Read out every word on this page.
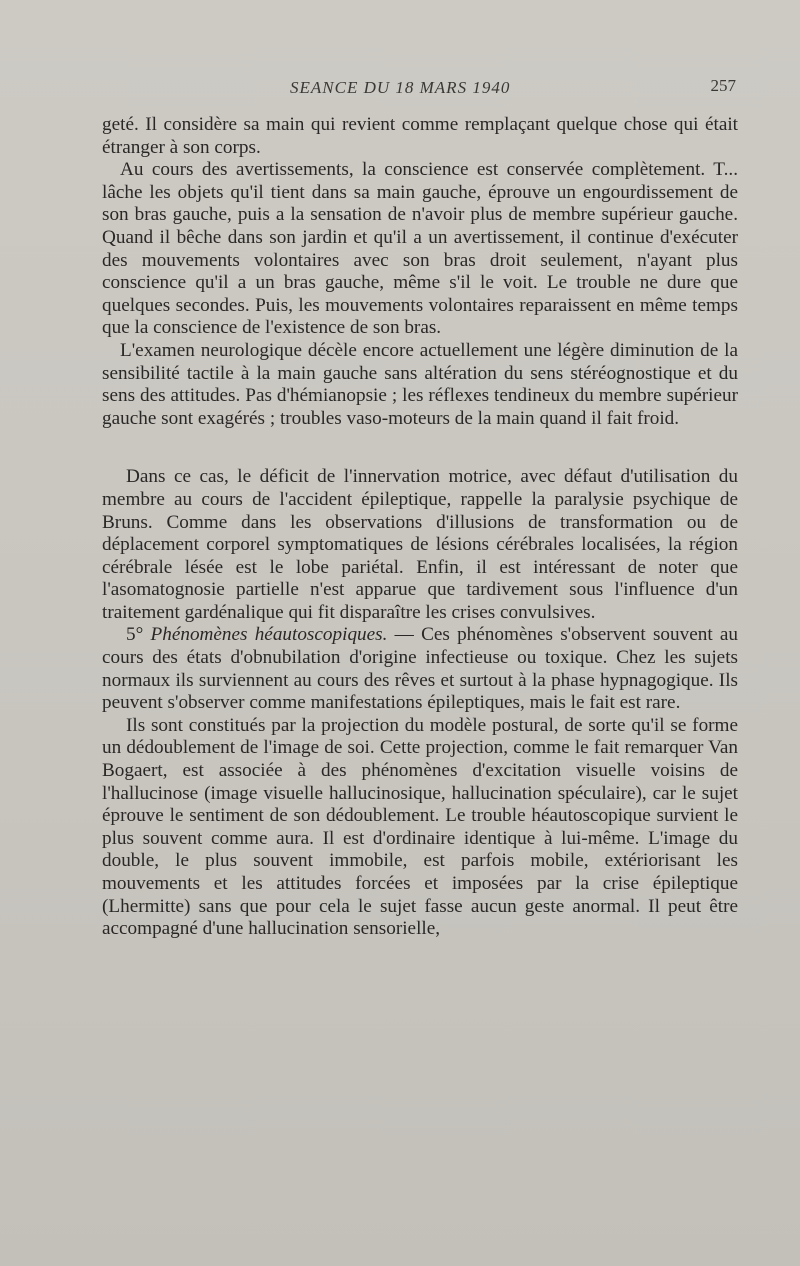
SEANCE DU 18 MARS 1940	257

geté. Il considère sa main qui revient comme remplaçant quelque chose qui était étranger à son corps.

Au cours des avertissements, la conscience est conservée complètement. T... lâche les objets qu'il tient dans sa main gauche, éprouve un engourdissement de son bras gauche, puis a la sensation de n'avoir plus de membre supérieur gauche. Quand il bêche dans son jardin et qu'il a un avertissement, il continue d'exécuter des mouvements volontaires avec son bras droit seulement, n'ayant plus conscience qu'il a un bras gauche, même s'il le voit. Le trouble ne dure que quelques secondes. Puis, les mouvements volontaires reparaissent en même temps que la conscience de l'existence de son bras.

L'examen neurologique décèle encore actuellement une légère diminution de la sensibilité tactile à la main gauche sans altération du sens stéréognostique et du sens des attitudes. Pas d'hémianopsie ; les réflexes tendineux du membre supérieur gauche sont exagérés ; troubles vaso-moteurs de la main quand il fait froid.

Dans ce cas, le déficit de l'innervation motrice, avec défaut d'utilisation du membre au cours de l'accident épileptique, rappelle la paralysie psychique de Bruns. Comme dans les observations d'illusions de transformation ou de déplacement corporel symptomatiques de lésions cérébrales localisées, la région cérébrale lésée est le lobe pariétal. Enfin, il est intéressant de noter que l'asomatognosie partielle n'est apparue que tardivement sous l'influence d'un traitement gardénalique qui fit disparaître les crises convulsives.

5° Phénomènes héautoscopiques. — Ces phénomènes s'observent souvent au cours des états d'obnubilation d'origine infectieuse ou toxique. Chez les sujets normaux ils surviennent au cours des rêves et surtout à la phase hypnagogique. Ils peuvent s'observer comme manifestations épileptiques, mais le fait est rare.

Ils sont constitués par la projection du modèle postural, de sorte qu'il se forme un dédoublement de l'image de soi. Cette projection, comme le fait remarquer Van Bogaert, est associée à des phénomènes d'excitation visuelle voisins de l'hallucinose (image visuelle hallucinosique, hallucination spéculaire), car le sujet éprouve le sentiment de son dédoublement. Le trouble héautoscopique survient le plus souvent comme aura. Il est d'ordinaire identique à lui-même. L'image du double, le plus souvent immobile, est parfois mobile, extériorisant les mouvements et les attitudes forcées et imposées par la crise épileptique (Lhermitte) sans que pour cela le sujet fasse aucun geste anormal. Il peut être accompagné d'une hallucination sensorielle,
